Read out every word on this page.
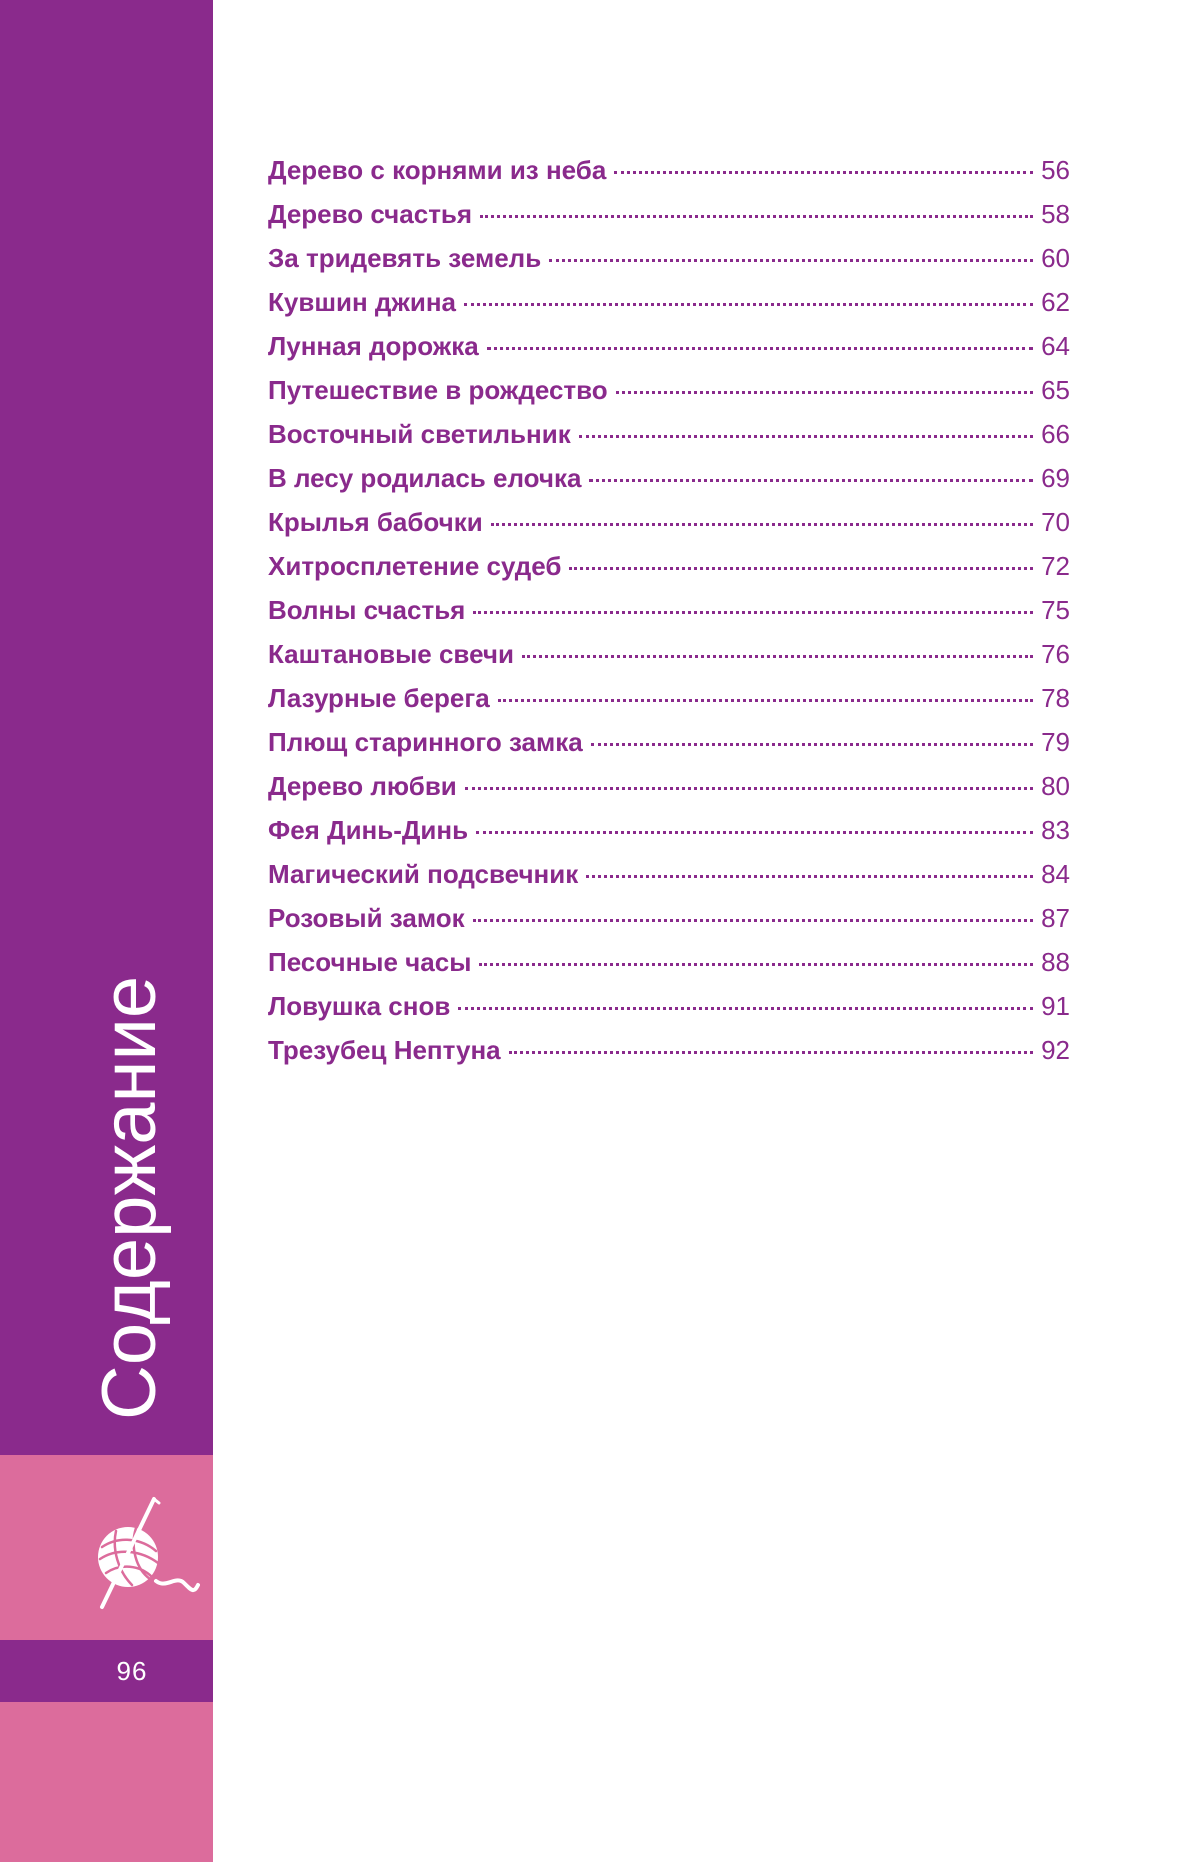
Содержание
96
Дерево с корнями из неба	56
Дерево счастья	58
За тридевять земель	60
Кувшин джина	62
Лунная дорожка	64
Путешествие в рождество	65
Восточный светильник	66
В лесу родилась елочка	69
Крылья бабочки	70
Хитросплетение судеб	72
Волны счастья	75
Каштановые свечи	76
Лазурные берега	78
Плющ старинного замка	79
Дерево любви	80
Фея Динь-Динь	83
Магический подсвечник	84
Розовый замок	87
Песочные часы	88
Ловушка снов	91
Трезубец Нептуна	92
